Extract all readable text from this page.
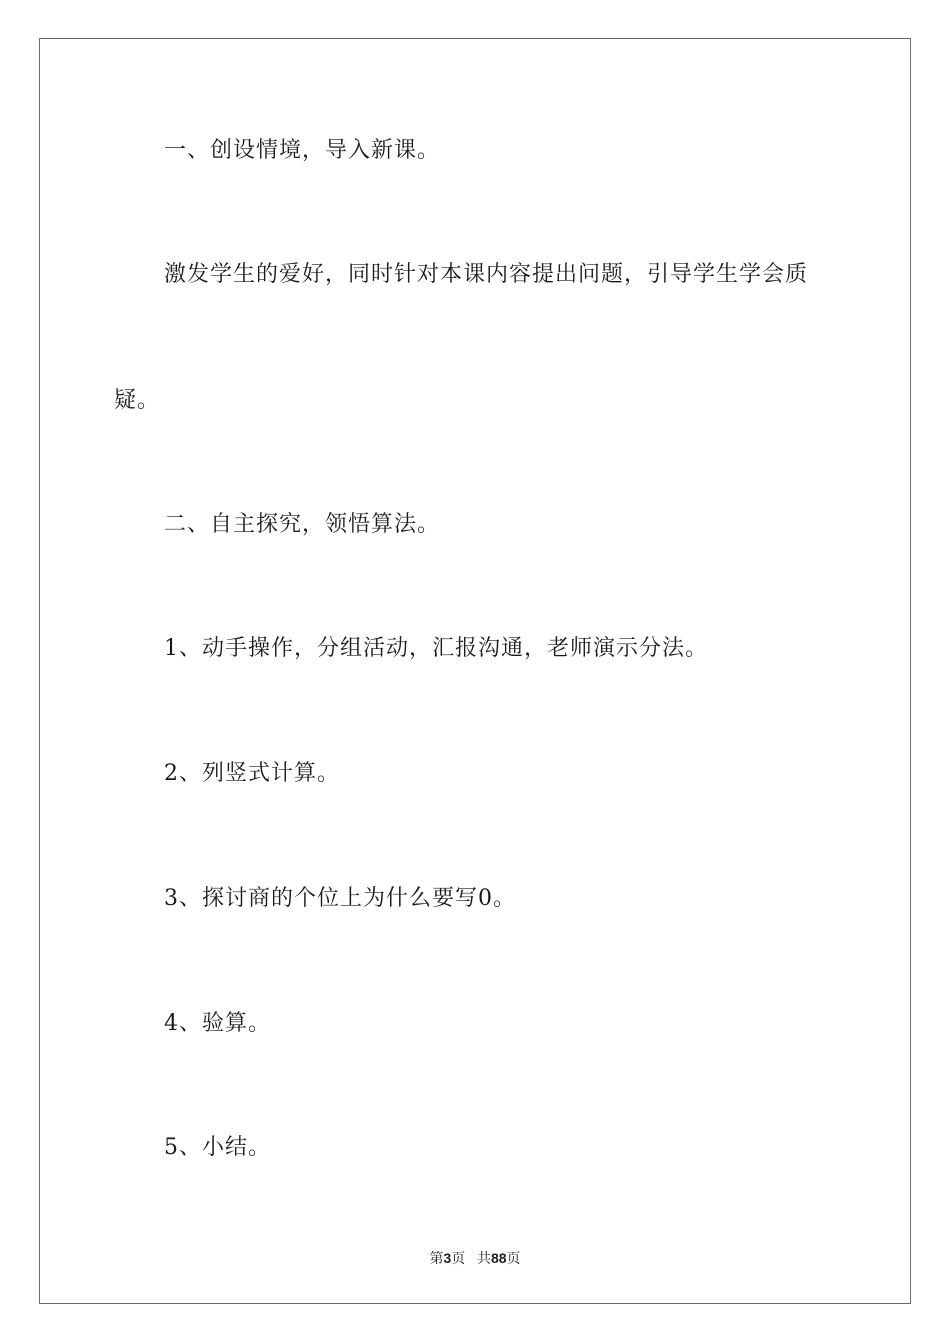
一、创设情境，导入新课。
激发学生的爱好，同时针对本课内容提出问题，引导学生学会质
疑。
二、自主探究，领悟算法。
1、动手操作，分组活动，汇报沟通，老师演示分法。
2、列竖式计算。
3、探讨商的个位上为什么要写0。
4、验算。
5、小结。
第3页 共88页
